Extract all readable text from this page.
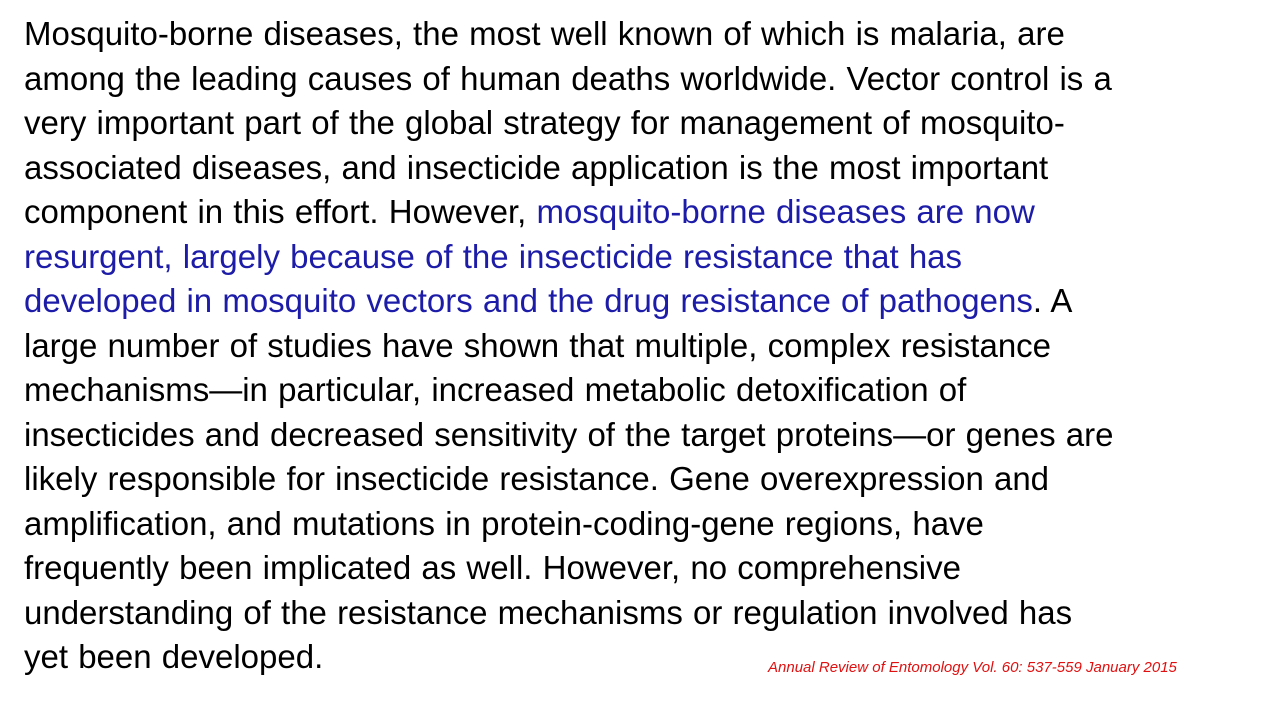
Mosquito-borne diseases, the most well known of which is malaria, are
among the leading causes of human deaths worldwide. Vector control is a
very important part of the global strategy for management of mosquito-
associated diseases, and insecticide application is the most important
component in this effort. However, mosquito-borne diseases are now
resurgent, largely because of the insecticide resistance that has
developed in mosquito vectors and the drug resistance of pathogens. A
large number of studies have shown that multiple, complex resistance
mechanisms—in particular, increased metabolic detoxification of
insecticides and decreased sensitivity of the target proteins—or genes are
likely responsible for insecticide resistance. Gene overexpression and
amplification, and mutations in protein-coding-gene regions, have
frequently been implicated as well. However, no comprehensive
understanding of the resistance mechanisms or regulation involved has
yet been developed.	Annual Review of Entomology Vol. 60: 537-559 January 2015
